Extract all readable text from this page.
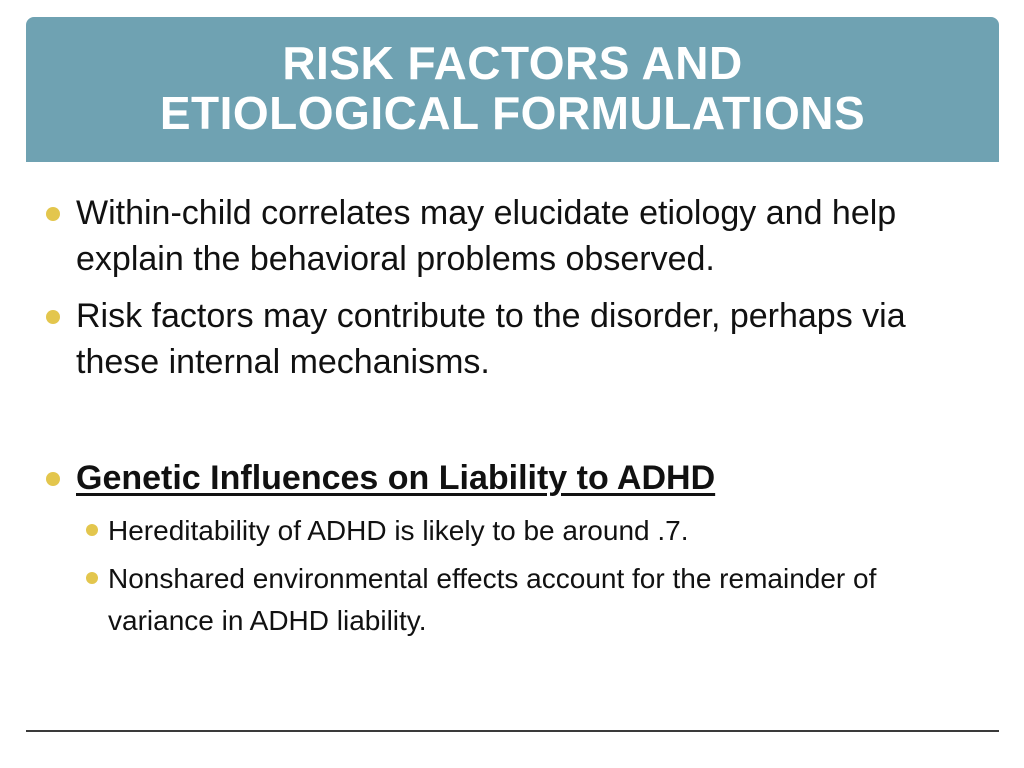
RISK FACTORS AND
ETIOLOGICAL FORMULATIONS
Within-child correlates may elucidate etiology and help explain the behavioral problems observed.
Risk factors may contribute to the disorder, perhaps via these internal mechanisms.
Genetic Influences on Liability to ADHD
Hereditability of ADHD is likely to be around .7.
Nonshared environmental effects account for the remainder of variance in ADHD liability.
